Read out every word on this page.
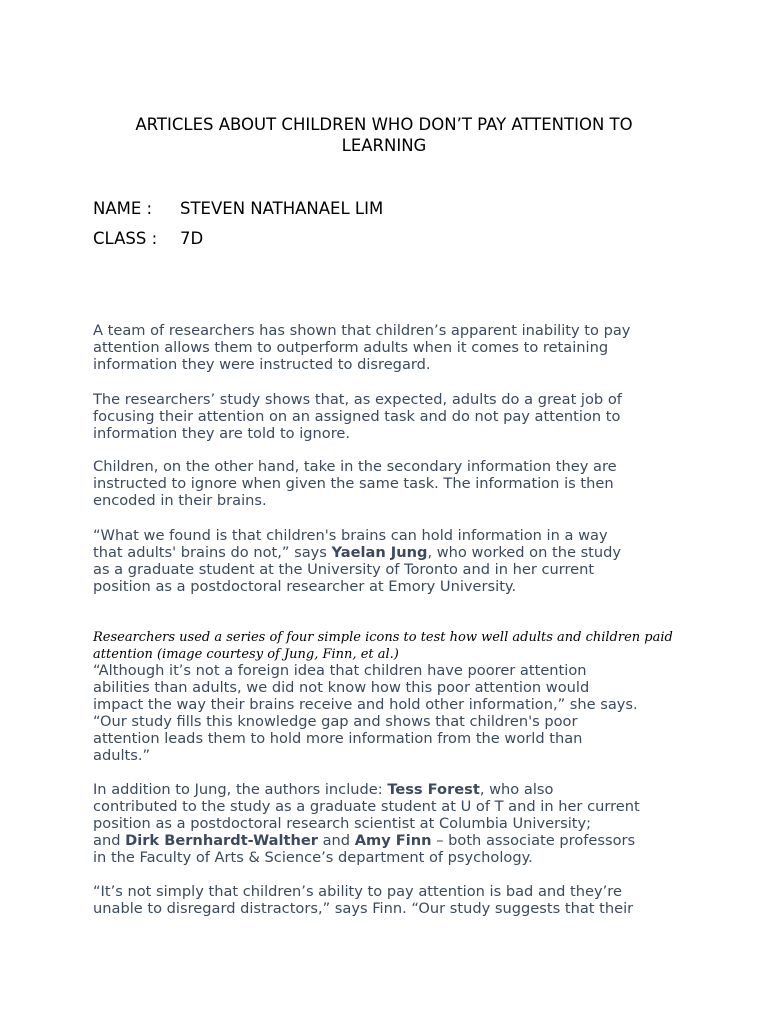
ARTICLES ABOUT CHILDREN WHO DON’T PAY ATTENTION TO
LEARNING
NAME : STEVEN NATHANAEL LIM
CLASS : 7D

A team of researchers has shown that children’s apparent inability to pay
attention allows them to outperform adults when it comes to retaining
information they were instructed to disregard.

The researchers’ study shows that, as expected, adults do a great job of
focusing their attention on an assigned task and do not pay attention to
information they are told to ignore.

Children, on the other hand, take in the secondary information they are
instructed to ignore when given the same task. The information is then
encoded in their brains.

“What we found is that children's brains can hold information in a way
that adults' brains do not,” says Yaelan Jung, who worked on the study
as a graduate student at the University of Toronto and in her current
position as a postdoctoral researcher at Emory University.

Researchers used a series of four simple icons to test how well adults and children paid
attention (image courtesy of Jung, Finn, et al.)

“Although it’s not a foreign idea that children have poorer attention
abilities than adults, we did not know how this poor attention would
impact the way their brains receive and hold other information,” she says.
“Our study fills this knowledge gap and shows that children's poor
attention leads them to hold more information from the world than
adults.”

In addition to Jung, the authors include: Tess Forest, who also
contributed to the study as a graduate student at U of T and in her current
position as a postdoctoral research scientist at Columbia University;
and Dirk Bernhardt-Walther and Amy Finn – both associate professors
in the Faculty of Arts & Science’s department of psychology.

“It’s not simply that children’s ability to pay attention is bad and they’re
unable to disregard distractors,” says Finn. “Our study suggests that their
